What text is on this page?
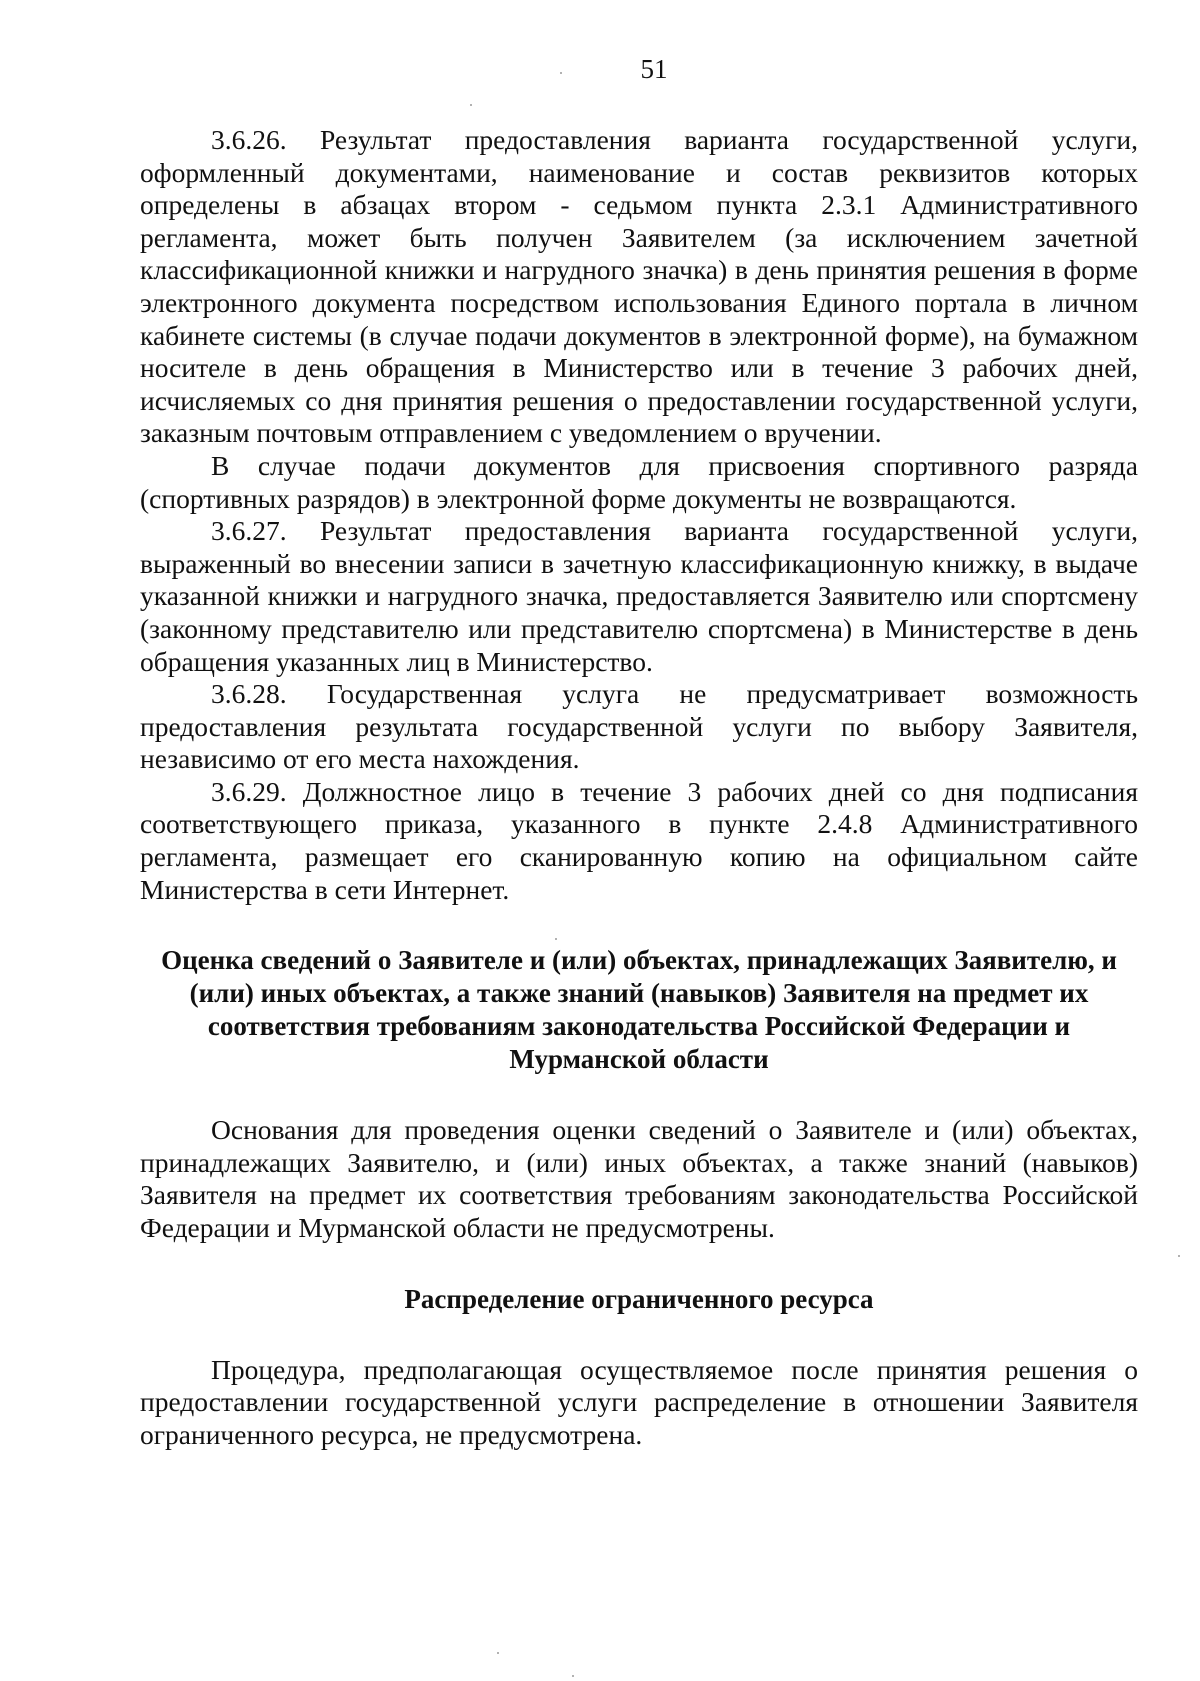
51

3.6.26. Результат предоставления варианта государственной услуги, оформленный документами, наименование и состав реквизитов которых определены в абзацах втором - седьмом пункта 2.3.1 Административного регламента, может быть получен Заявителем (за исключением зачетной классификационной книжки и нагрудного значка) в день принятия решения в форме электронного документа посредством использования Единого портала в личном кабинете системы (в случае подачи документов в электронной форме), на бумажном носителе в день обращения в Министерство или в течение 3 рабочих дней, исчисляемых со дня принятия решения о предоставлении государственной услуги, заказным почтовым отправлением с уведомлением о вручении.

В случае подачи документов для присвоения спортивного разряда (спортивных разрядов) в электронной форме документы не возвращаются.

3.6.27. Результат предоставления варианта государственной услуги, выраженный во внесении записи в зачетную классификационную книжку, в выдаче указанной книжки и нагрудного значка, предоставляется Заявителю или спортсмену (законному представителю или представителю спортсмена) в Министерстве в день обращения указанных лиц в Министерство.

3.6.28. Государственная услуга не предусматривает возможность предоставления результата государственной услуги по выбору Заявителя, независимо от его места нахождения.

3.6.29. Должностное лицо в течение 3 рабочих дней со дня подписания соответствующего приказа, указанного в пункте 2.4.8 Административного регламента, размещает его сканированную копию на официальном сайте Министерства в сети Интернет.

Оценка сведений о Заявителе и (или) объектах, принадлежащих Заявителю, и (или) иных объектах, а также знаний (навыков) Заявителя на предмет их соответствия требованиям законодательства Российской Федерации и Мурманской области

Основания для проведения оценки сведений о Заявителе и (или) объектах, принадлежащих Заявителю, и (или) иных объектах, а также знаний (навыков) Заявителя на предмет их соответствия требованиям законодательства Российской Федерации и Мурманской области не предусмотрены.

Распределение ограниченного ресурса

Процедура, предполагающая осуществляемое после принятия решения о предоставлении государственной услуги распределение в отношении Заявителя ограниченного ресурса, не предусмотрена.
